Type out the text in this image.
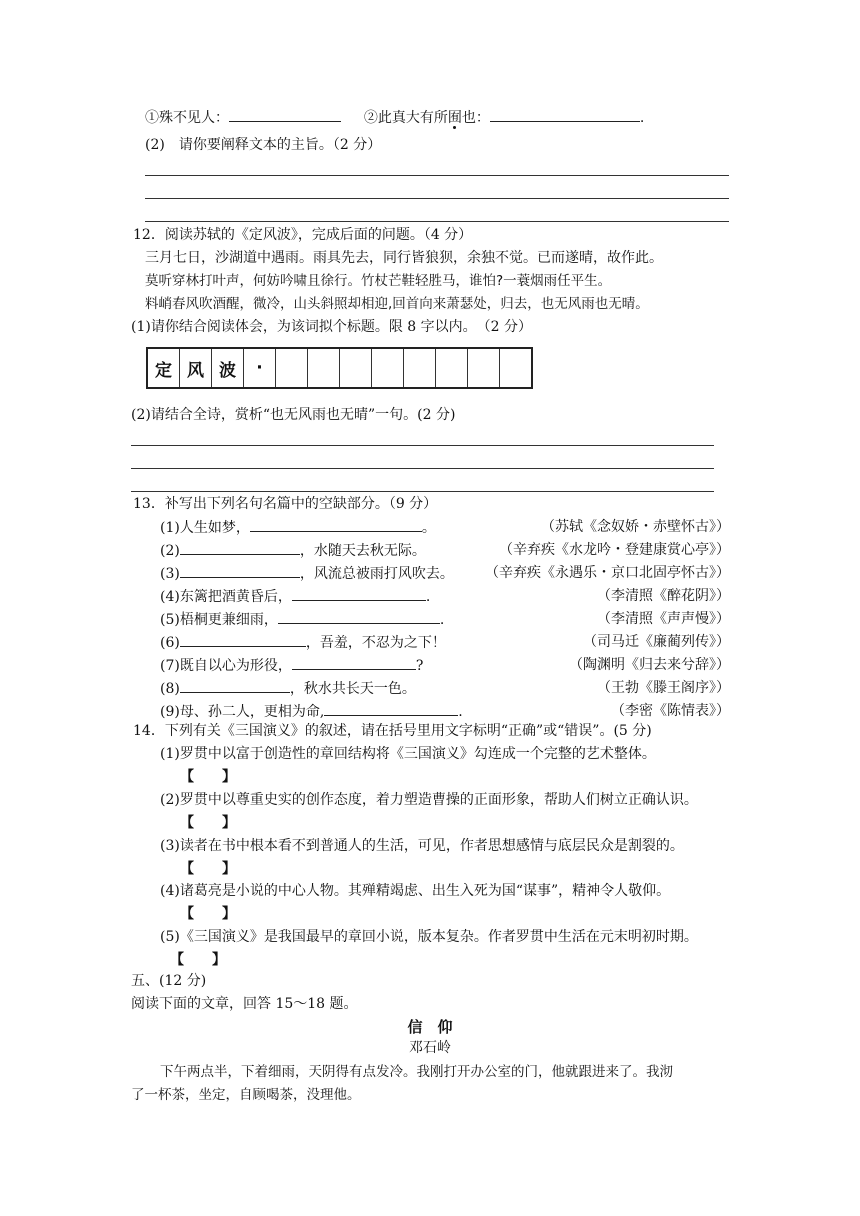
①殊不见人：	②此真大有所囿也：	.
(2)　请你要阐释文本的主旨。（2 分）
12．阅读苏轼的《定风波》，完成后面的问题。（4 分）
三月七日，沙湖道中遇雨。雨具先去，同行皆狼狈，余独不觉。已而遂晴，故作此。
莫听穿林打叶声，何妨吟啸且徐行。竹杖芒鞋轻胜马，谁怕?一蓑烟雨任平生。
料峭春风吹酒醒，微冷，山头斜照却相迎,回首向来萧瑟处，归去，也无风雨也无晴。
(1)请你结合阅读体会，为该词拟个标题。限 8 字以内。　（2 分）
定 风 波	·
(2)请结合全诗，赏析“也无风雨也无晴”一句。(2 分)
13．补写出下列名句名篇中的空缺部分。（9 分）
(1)人生如梦，	。	（苏轼《念奴娇・赤壁怀古》）
(2)	，水随天去秋无际。	（辛弃疾《水龙吟・登建康赏心亭》）
(3)	，风流总被雨打风吹去。 （辛弃疾《永遇乐・京口北固亭怀古》）
(4)东篱把酒黄昏后，	.	（李清照《醉花阴》）
(5)梧桐更兼细雨，	.	（李清照《声声慢》）
(6)	，吾羞，不忍为之下！	（司马迁《廉蔺列传》）
(7)既自以心为形役，	?	（陶渊明《归去来兮辞》）
(8)	，秋水共长天一色。	（王勃《滕王阁序》）
(9)母、孙二人，更相为命,	.	（李密《陈情表》）
14．下列有关《三国演义》的叙述，请在括号里用文字标明“正确”或“错误”。(5 分)
(1)罗贯中以富于创造性的章回结构将《三国演义》勾连成一个完整的艺术整体。
【　　】
(2)罗贯中以尊重史实的创作态度，着力塑造曹操的正面形象，帮助人们树立正确认识。
【　　】
(3)读者在书中根本看不到普通人的生活，可见，作者思想感情与底层民众是割裂的。
【　　】
(4)诸葛亮是小说的中心人物。其殚精竭虑、出生入死为国“谋事”，精神令人敬仰。
【　　】
(5)《三国演义》是我国最早的章回小说，版本复杂。作者罗贯中生活在元末明初时期。
【　　】
五、(12 分)
阅读下面的文章，回答 15～18 题。
信　仰
邓石岭
下午两点半，下着细雨，天阴得有点发冷。我刚打开办公室的门，他就跟进来了。我沏
了一杯茶，坐定，自顾喝茶，没理他。
